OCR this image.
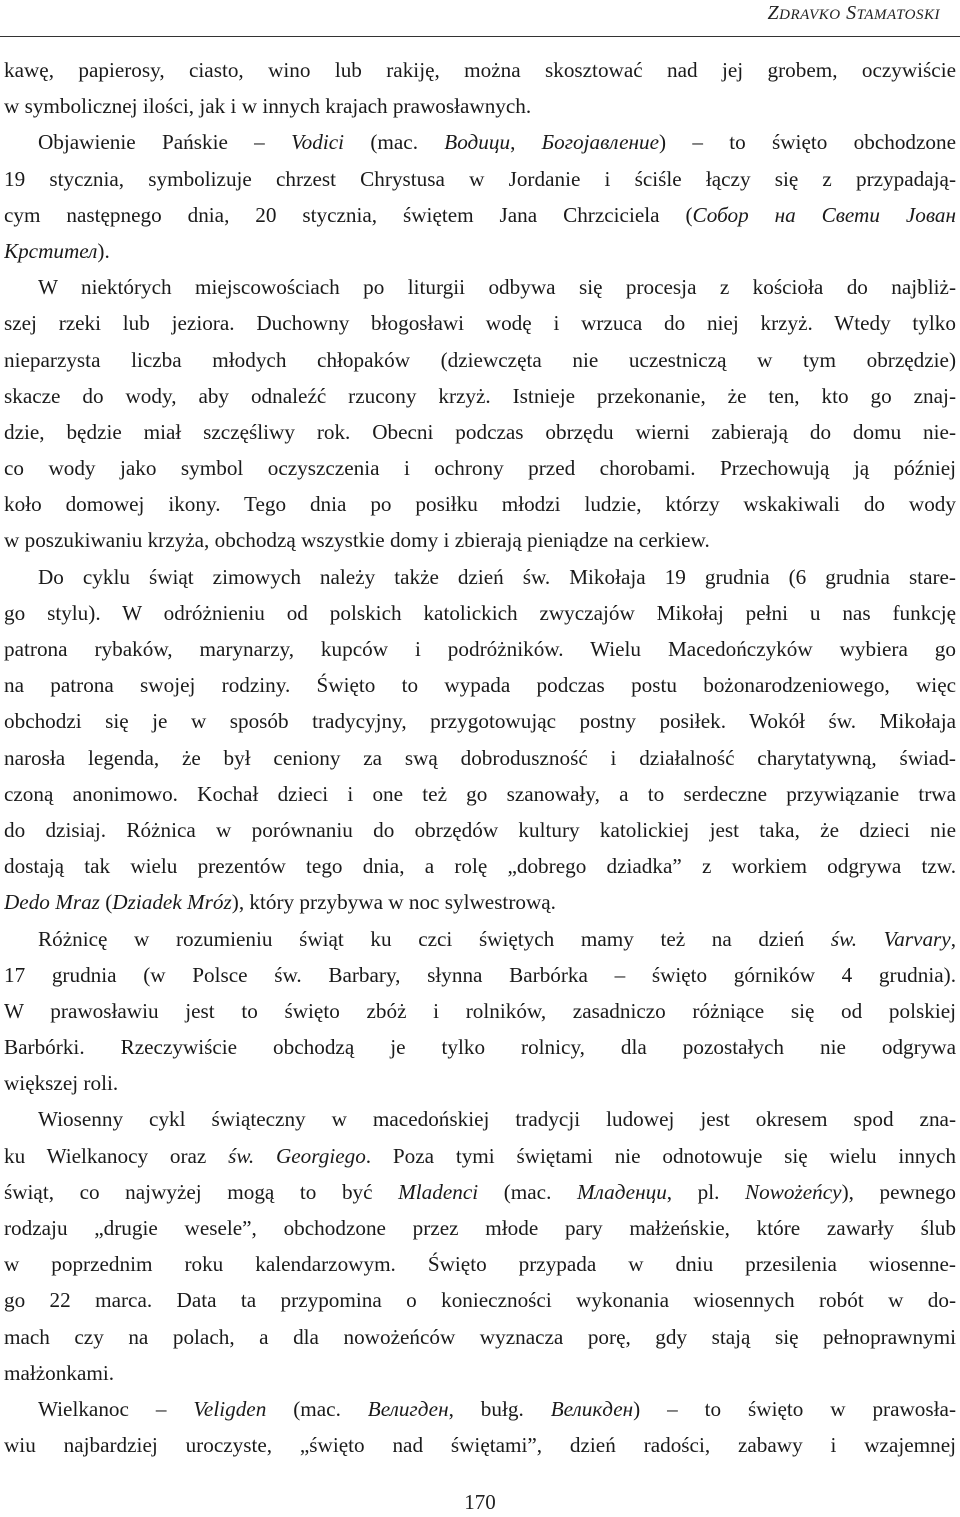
ZDRAVKO STAMATOSKI
kawę, papierosy, ciasto, wino lub rakiję, można skosztować nad jej grobem, oczywiście
w symbolicznej ilości, jak i w innych krajach prawosławnych.
Objawienie Pańskie – Vodici (mac. Водици, Богојавление) – to święto obchodzone
19 stycznia, symbolizuje chrzest Chrystusa w Jordanie i ściśle łączy się z przypadają-
cym następnego dnia, 20 stycznia, świętem Jana Chrzciciela (Собор на Свети Јован
Крстител).
W niektórych miejscowościach po liturgii odbywa się procesja z kościoła do najbliż-
szej rzeki lub jeziora. Duchowny błogosławi wodę i wrzuca do niej krzyż. Wtedy tylko
nieparzysta liczba młodych chłopaków (dziewczęta nie uczestniczą w tym obrzędzie)
skacze do wody, aby odnaleźć rzucony krzyż. Istnieje przekonanie, że ten, kto go znaj-
dzie, będzie miał szczęśliwy rok. Obecni podczas obrzędu wierni zabierają do domu nie-
co wody jako symbol oczyszczenia i ochrony przed chorobami. Przechowują ją później
koło domowej ikony. Tego dnia po posiłku młodzi ludzie, którzy wskakiwali do wody
w poszukiwaniu krzyża, obchodzą wszystkie domy i zbierają pieniądze na cerkiew.
Do cyklu świąt zimowych należy także dzień św. Mikołaja 19 grudnia (6 grudnia stare-
go stylu). W odróżnieniu od polskich katolickich zwyczajów Mikołaj pełni u nas funkcję
patrona rybaków, marynarzy, kupców i podróżników. Wielu Macedończyków wybiera go
na patrona swojej rodziny. Święto to wypada podczas postu bożonarodzeniowego, więc
obchodzi się je w sposób tradycyjny, przygotowując postny posiłek. Wokół św. Mikołaja
narosła legenda, że był ceniony za swą dobroduszność i działalność charytatywną, świad-
czoną anonimowo. Kochał dzieci i one też go szanowały, a to serdeczne przywiązanie trwa
do dzisiaj. Różnica w porównaniu do obrzędów kultury katolickiej jest taka, że dzieci nie
dostają tak wielu prezentów tego dnia, a rolę „dobrego dziadka” z workiem odgrywa tzw.
Dedo Mraz (Dziadek Mróz), który przybywa w noc sylwestrową.
Różnicę w rozumieniu świąt ku czci świętych mamy też na dzień św. Varvary,
17 grudnia (w Polsce św. Barbary, słynna Barbórka – święto górników 4 grudnia).
W prawosławiu jest to święto zbóż i rolników, zasadniczo różniące się od polskiej
Barbórki. Rzeczywiście obchodzą je tylko rolnicy, dla pozostałych nie odgrywa
większej roli.
Wiosenny cykl świąteczny w macedońskiej tradycji ludowej jest okresem spod zna-
ku Wielkanocy oraz św. Georgiego. Poza tymi świętami nie odnotowuje się wielu innych
świąt, co najwyżej mogą to być Mladenci (mac. Младенци, pl. Nowożeńcy), pewnego
rodzaju „drugie wesele”, obchodzone przez młode pary małżeńskie, które zawarły ślub
w poprzednim roku kalendarzowym. Święto przypada w dniu przesilenia wiosenne-
go 22 marca. Data ta przypomina o konieczności wykonania wiosennych robót w do-
mach czy na polach, a dla nowożeńców wyznacza porę, gdy stają się pełnoprawnymi
małżonkami.
Wielkanoc – Veligden (mac. Велигден, bułg. Великден) – to święto w prawosła-
wiu najbardziej uroczyste, „święto nad świętami”, dzień radości, zabawy i wzajemnej
170
